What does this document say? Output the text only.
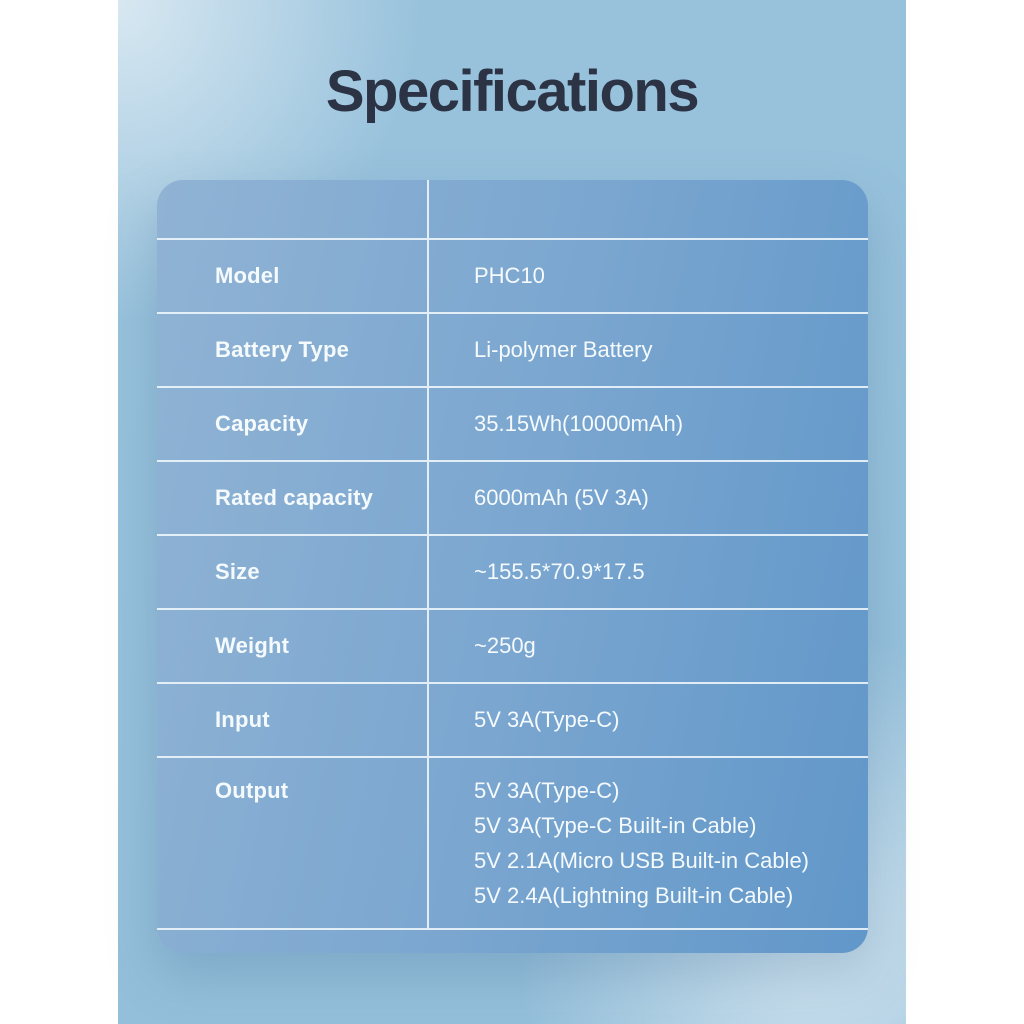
Specifications
Model	PHC10
Battery Type	Li-polymer Battery
Capacity	35.15Wh(10000mAh)
Rated capacity	6000mAh (5V 3A)
Size	~155.5*70.9*17.5
Weight	~250g
Input	5V 3A(Type-C)
Output	5V 3A(Type-C)
5V 3A(Type-C Built-in Cable)
5V 2.1A(Micro USB Built-in Cable)
5V 2.4A(Lightning Built-in Cable)
